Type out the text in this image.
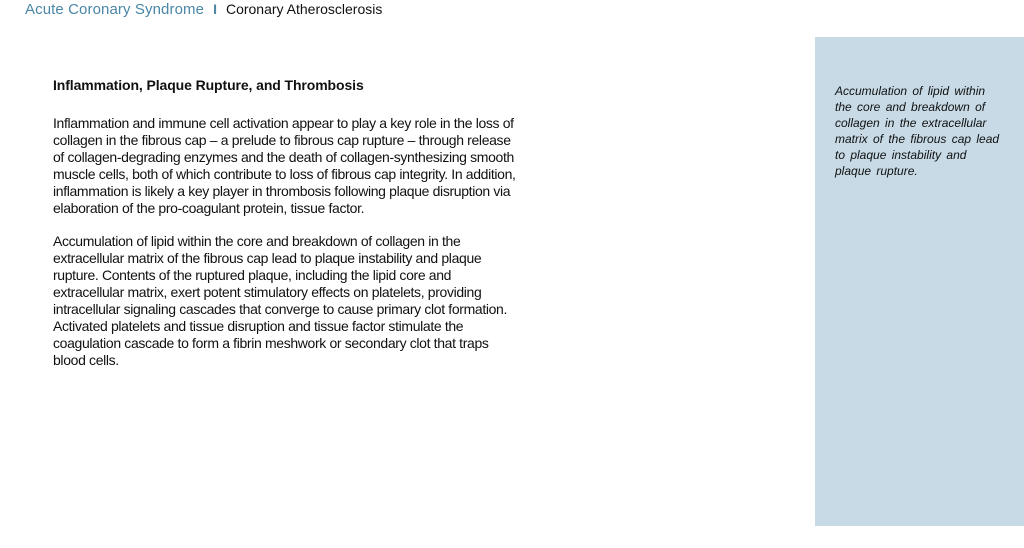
Acute Coronary Syndrome I Coronary Atherosclerosis
Inflammation, Plaque Rupture, and Thrombosis

Inflammation and immune cell activation appear to play a key role in the loss of collagen in the fibrous cap – a prelude to fibrous cap rupture – through release of collagen-degrading enzymes and the death of collagen-synthesizing smooth muscle cells, both of which contribute to loss of fibrous cap integrity. In addition, inflammation is likely a key player in thrombosis following plaque disruption via elaboration of the pro-coagulant protein, tissue factor.

Accumulation of lipid within the core and breakdown of collagen in the extracellular matrix of the fibrous cap lead to plaque instability and plaque rupture. Contents of the ruptured plaque, including the lipid core and extracellular matrix, exert potent stimulatory effects on platelets, providing intracellular signaling cascades that converge to cause primary clot formation. Activated platelets and tissue disruption and tissue factor stimulate the coagulation cascade to form a fibrin meshwork or secondary clot that traps blood cells.

Accumulation of lipid within the core and breakdown of collagen in the extracellular matrix of the fibrous cap lead to plaque instability and plaque rupture.
